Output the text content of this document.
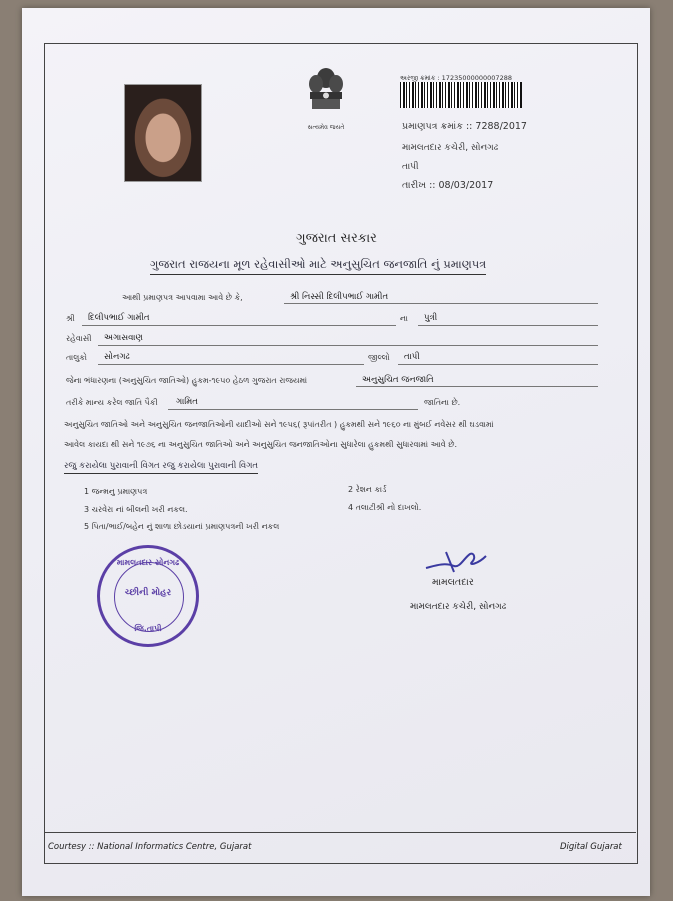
સત્યમેવ જયતે
અરજી ક્રમાંક : 17235000000007288
પ્રમાણપત્ર ક્રમાંક :: 7288/2017
મામલતદાર કચેરી, સોનગઢ
તાપી
તારીખ :: 08/03/2017
ગુજરાત સરકાર
ગુજરાત રાજયના મૂળ રહેવાસીઓ માટે અનુસુચિત જનજાતિ નું પ્રમાણપત્ર
આથી પ્રમાણપત્ર આપવામા આવે છે કે,	શ્રી નિસ્સી દિલીપભાઈ ગામીત
શ્રી દિલીપભાઈ ગામીત	ના પુત્રી
રહેવાસી અગાસવાણ
તાલુકો સોનગઢ	જીલ્લો તાપી
જેના ભંધારણના (અનુસુચિત જાતિઓ) હુકમ-૧૯૫૦ હેઠળ ગુજરાત રાજયમાં	અનુસુચિત જનજાતિ
તરીકે માન્ય કરેલ જાતિ પૈકી ગામિત	જાતિના છે.
અનુસુચિત જાતિઓ અને અનુસુચિત જનજાતિઓની યાદીઓ સને ૧૯૫૬( રૂપાંતરીત ) હુકમથી સને ૧૯૬૦ ના મુંબઈ નવેસર થી ઘડવામાં
આવેલ કાયદા થી સને ૧૯૭૬ ના અનુસુચિત જાતિઓ અને અનુસુચિત જનજાતિઓના સુધારેલા હુકમથી સુધારવામાં આવે છે.
રજુ કરાયેલા પુરાવાની વિગત રજુ કરાયેલા પુરાવાની વિગત
1 જન્મનુ પ્રમાણપત્ર	2 રેશન કાર્ડ
3 ચરવેરા નાં બીલની ખરી નકલ.	4 તલાટીશ્રી નો દાખલો.
5 પિતા/ભાઈ/બહેન નું શાળા છોડયાનાં પ્રમાણપત્રની ખરી નકલ
મામલતદાર સોનગઢ
ચ્છીની મોહર
જિ.તાપી
મામલતદાર
મામલતદાર કચેરી, સોનગઢ
Courtesy :: National Informatics Centre, Gujarat	Digital Gujarat
